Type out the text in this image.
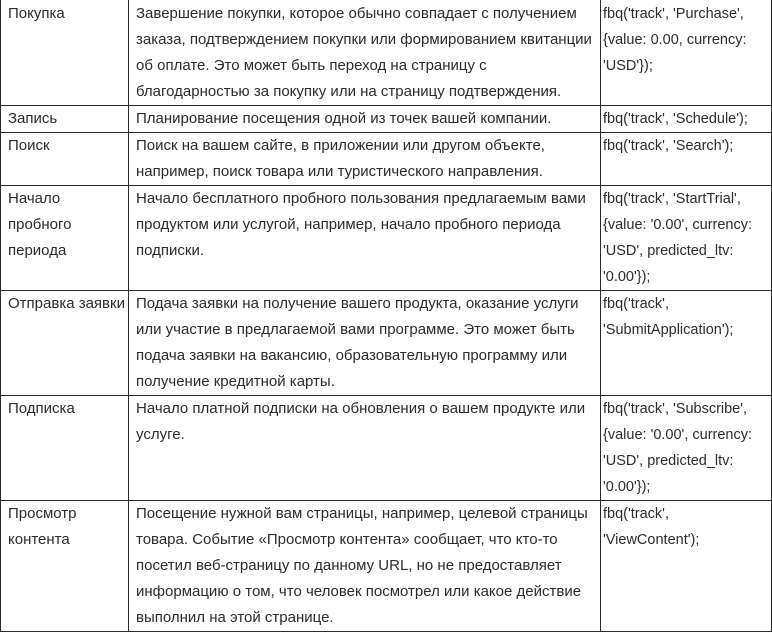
Покупка	Завершение покупки, которое обычно совпадает с получением заказа, подтверждением покупки или формированием квитанции об оплате. Это может быть переход на страницу с благодарностью за покупку или на страницу подтверждения.	fbq('track', 'Purchase', {value: 0.00, currency: 'USD'});
Запись	Планирование посещения одной из точек вашей компании.	fbq('track', 'Schedule');
Поиск	Поиск на вашем сайте, в приложении или другом объекте, например, поиск товара или туристического направления.	fbq('track', 'Search');
Начало пробного периода	Начало бесплатного пробного пользования предлагаемым вами продуктом или услугой, например, начало пробного периода подписки.	fbq('track', 'StartTrial', {value: '0.00', currency: 'USD', predicted_ltv: '0.00'});
Отправка заявки	Подача заявки на получение вашего продукта, оказание услуги или участие в предлагаемой вами программе. Это может быть подача заявки на вакансию, образовательную программу или получение кредитной карты.	fbq('track', 'SubmitApplication');
Подписка	Начало платной подписки на обновления о вашем продукте или услуге.	fbq('track', 'Subscribe', {value: '0.00', currency: 'USD', predicted_ltv: '0.00'});
Просмотр контента	Посещение нужной вам страницы, например, целевой страницы товара. Событие «Просмотр контента» сообщает, что кто-то посетил веб-страницу по данному URL, но не предоставляет информацию о том, что человек посмотрел или какое действие выполнил на этой странице.	fbq('track', 'ViewContent');
